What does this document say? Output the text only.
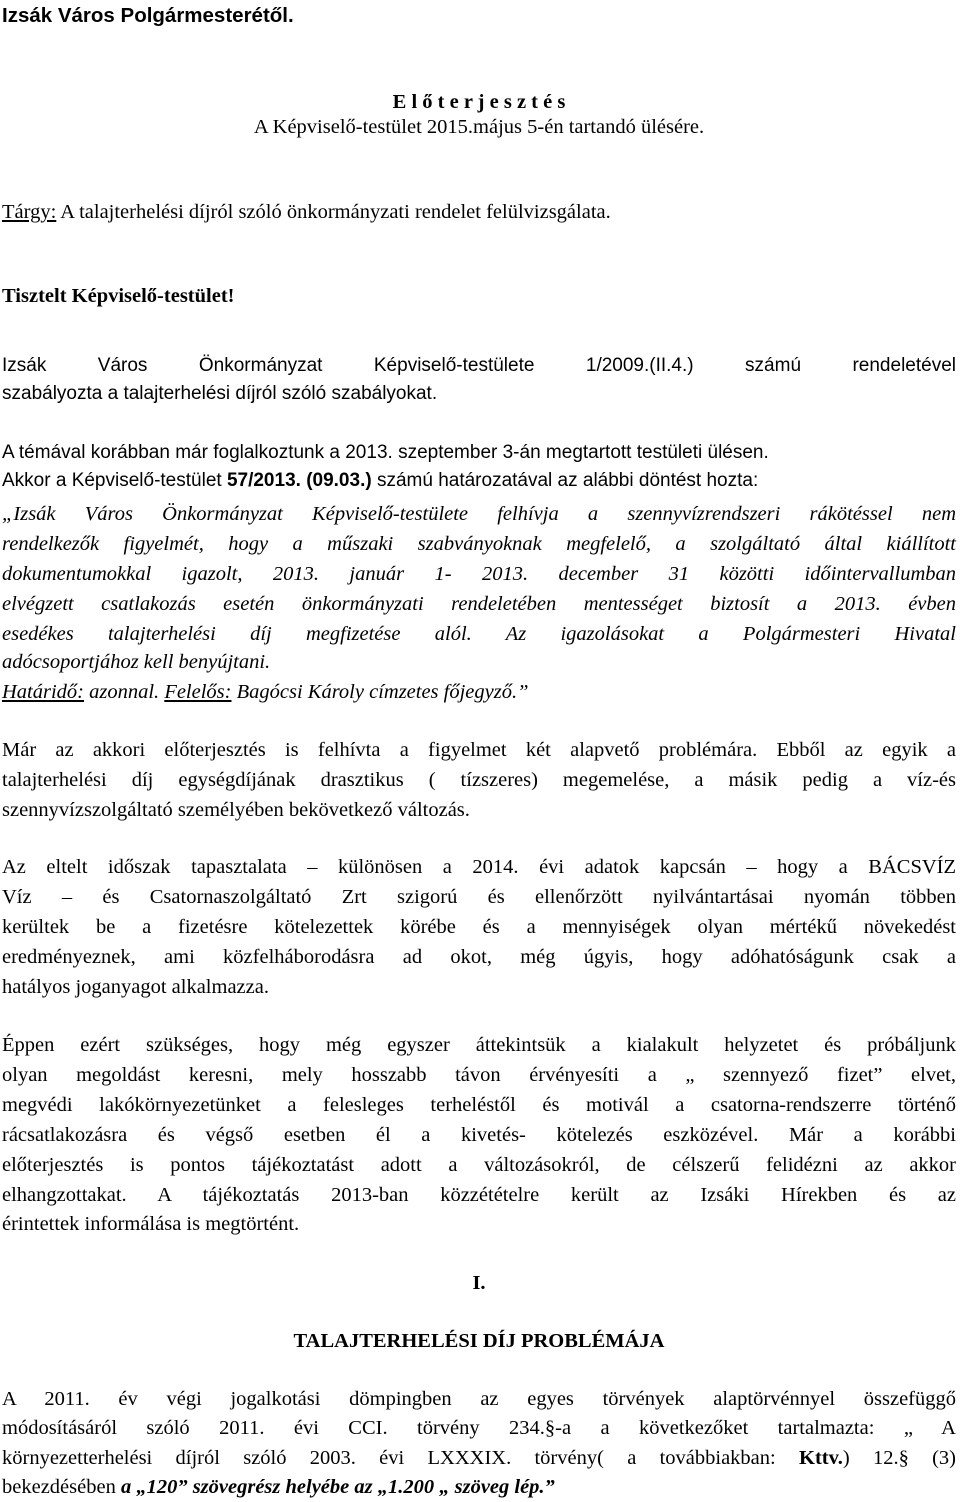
Izsák Város Polgármesterétől.
E l ő t e r j e s z t é s
A Képviselő-testület 2015.május 5-én tartandó ülésére.
Tárgy: A talajterhelési díjról szóló önkormányzati rendelet felülvizsgálata.
Tisztelt Képviselő-testület!
Izsák Város Önkormányzat Képviselő-testülete 1/2009.(II.4.) számú rendeletével
szabályozta a talajterhelési díjról szóló szabályokat.
A témával korábban már foglalkoztunk a 2013. szeptember 3-án megtartott testületi ülésen.
Akkor a Képviselő-testület 57/2013. (09.03.) számú határozatával az alábbi döntést hozta:
„Izsák Város Önkormányzat Képviselő-testülete felhívja a szennyvízrendszeri rákötéssel nem
rendelkezők figyelmét, hogy a műszaki szabványoknak megfelelő, a szolgáltató által kiállított
dokumentumokkal igazolt, 2013. január 1- 2013. december 31 közötti időintervallumban
elvégzett csatlakozás esetén önkormányzati rendeletében mentességet biztosít a 2013. évben
esedékes talajterhelési díj megfizetése alól. Az igazolásokat a Polgármesteri Hivatal
adócsoportjához kell benyújtani.
Határidő: azonnal. Felelős: Bagócsi Károly címzetes főjegyző.”
Már az akkori előterjesztés is felhívta a figyelmet két alapvető problémára. Ebből az egyik a
talajterhelési díj egységdíjának drasztikus ( tízszeres) megemelése, a másik pedig a víz-és
szennyvízszolgáltató személyében bekövetkező változás.
Az eltelt időszak tapasztalata – különösen a 2014. évi adatok kapcsán – hogy a BÁCSVÍZ
Víz – és Csatornaszolgáltató Zrt szigorú és ellenőrzött nyilvántartásai nyomán többen
kerültek be a fizetésre kötelezettek körébe és a mennyiségek olyan mértékű növekedést
eredményeznek, ami közfelháborodásra ad okot, még úgyis, hogy adóhatóságunk csak a
hatályos joganyagot alkalmazza.
Éppen ezért szükséges, hogy még egyszer áttekintsük a kialakult helyzetet és próbáljunk
olyan megoldást keresni, mely hosszabb távon érvényesíti a „ szennyező fizet” elvet,
megvédi lakókörnyezetünket a felesleges terheléstől és motivál a csatorna-rendszerre történő
rácsatlakozásra és végső esetben él a kivetés- kötelezés eszközével. Már a korábbi
előterjesztés is pontos tájékoztatást adott a változásokról, de célszerű felidézni az akkor
elhangzottakat. A tájékoztatás 2013-ban közzétételre került az Izsáki Hírekben és az
érintettek informálása is megtörtént.
I.
TALAJTERHELÉSI DÍJ PROBLÉMÁJA
A 2011. év végi jogalkotási dömpingben az egyes törvények alaptörvénnyel összefüggő
módosításáról szóló 2011. évi CCI. törvény 234.§-a a következőket tartalmazta: „ A
környezetterhelési díjról szóló 2003. évi LXXXIX. törvény( a továbbiakban: Kttv.) 12.§ (3)
bekezdésében a „120” szövegrész helyébe az „1.200 „ szöveg lép.”
